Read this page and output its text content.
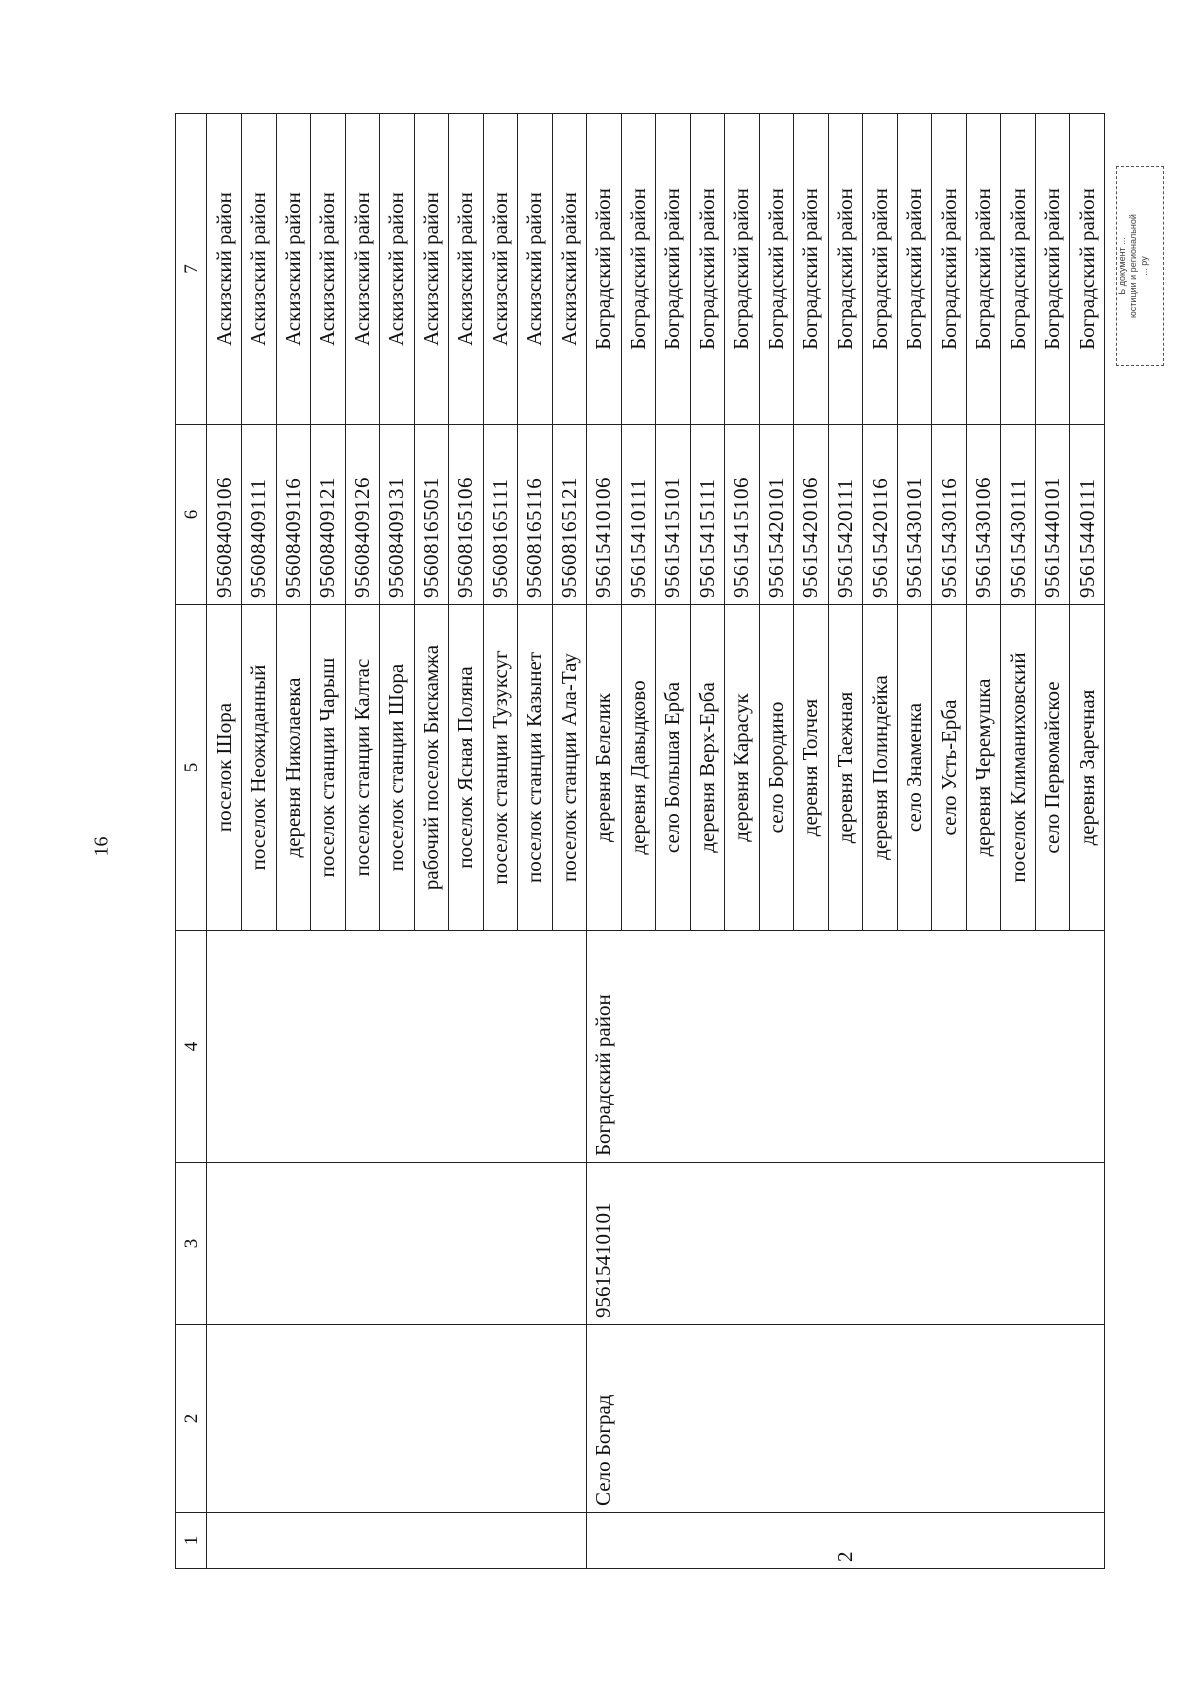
16
1	2	3	4	5	6	7
				поселок Шора	95608409106	Аскизский район
				поселок Неожиданный	95608409111	Аскизский район
				деревня Николаевка	95608409116	Аскизский район
				поселок станции Чарыш	95608409121	Аскизский район
				поселок станции Калтас	95608409126	Аскизский район
				поселок станции Шора	95608409131	Аскизский район
				рабочий поселок Бискамжа	95608165051	Аскизский район
				поселок Ясная Поляна	95608165106	Аскизский район
				поселок станции Тузуксуг	95608165111	Аскизский район
				поселок станции Казынет	95608165116	Аскизский район
				поселок станции Ала-Тау	95608165121	Аскизский район
2	Село Боград	95615410101	Боградский район	деревня Белелик	95615410106	Боградский район
				деревня Давыдково	95615410111	Боградский район
				село Большая Ерба	95615415101	Боградский район
				деревня Верх-Ерба	95615415111	Боградский район
				деревня Карасук	95615415106	Боградский район
				село Бородино	95615420101	Боградский район
				деревня Толчея	95615420106	Боградский район
				деревня Таежная	95615420111	Боградский район
				деревня Полиндейка	95615420116	Боградский район
				село Знаменка	95615430101	Боградский район
				село Усть-Ерба	95615430116	Боградский район
				деревня Черемушка	95615430106	Боградский район
				поселок Климаниховский	95615430111	Боградский район
				село Первомайское	95615440101	Боградский район
				деревня Заречная	95615440111	Боградский район Ь документ ... юстиции и региональной ... ру
